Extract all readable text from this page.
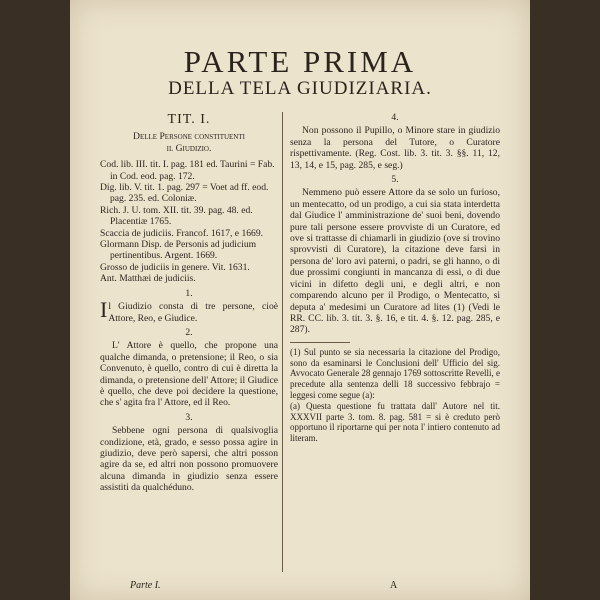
PARTE PRIMA
DELLA TELA GIUDIZIARIA.
TIT. I.
Delle Persone constituenti
il Giudizio.

Cod. lib. III. tit. I. pag. 181 ed. Taurini = Fab. in Cod. eod. pag. 172.

Dig. lib. V. tit. 1. pag. 297 = Voet ad ff. eod. pag. 235. ed. Coloniæ.

Rich. J. U. tom. XII. tit. 39. pag. 48. ed. Placentiæ 1765.

Scaccia de judiciis. Francof. 1617, e 1669.

Glormann Disp. de Personis ad judicium pertinentibus. Argent. 1669.

Grosso de judiciis in genere. Vit. 1631.

Ant. Matthæi de judiciis.

1.

I l Giudizio consta di tre persone, cioè Attore, Reo, e Giudice.

2.

L' Attore è quello, che propone una qualche dimanda, o pretensione; il Reo, o sia Convenuto, è quello, contro di cui è diretta la dimanda, o pretensione dell' Attore; il Giudice è quello, che deve poi decidere la questione, che s' agita fra l' Attore, ed il Reo.

3.

Sebbene ogni persona di qualsivoglia condizione, età, grado, e sesso possa agire in giudizio, deve però sapersi, che altri posson agire da se, ed altri non possono promuovere alcuna dimanda in giudizio senza essere assistiti da qualchéduno.

4.

Non possono il Pupillo, o Minore stare in giudizio senza la persona del Tutore, o Curatore rispettivamente. (Reg. Cost. lib. 3. tit. 3. §§. 11, 12, 13, 14, e 15, pag. 285, e seg.)

5.

Nemmeno può essere Attore da se solo un furioso, un mentecatto, od un prodigo, a cui sia stata interdetta dal Giudice l' amministrazione de' suoi beni, dovendo pure tali persone essere provviste di un Curatore, ed ove si trattasse di chiamarli in giudizio (ove si trovino sprovvisti di Curatore), la citazione deve farsi in persona de' loro avi paterni, o padri, se gli hanno, o di due prossimi congiunti in mancanza di essi, o di due vicini in difetto degli uni, e degli altri, e non comparendo alcuno per il Prodigo, o Mentecatto, si deputa a' medesimi un Curatore ad lites (1) (Vedi le RR. CC. lib. 3. tit. 3. §. 16, e tit. 4. §. 12. pag. 285, e 287).

(1) Sul punto se sia necessaria la citazione del Prodigo, sono da esaminarsi le Conclusioni dell' Ufficio del sig. Avvocato Generale 28 gennajo 1769 sottoscritte Revelli, e precedute alla sentenza delli 18 successivo febbrajo = leggesi come segue (a):

(a) Questa questione fu trattata dall' Autore nel tit. XXXVII parte 3. tom. 8. pag. 581 = si è creduto però opportuno il riportarne qui per nota l' intiero contenuto ad literam.

Parte I.	A
